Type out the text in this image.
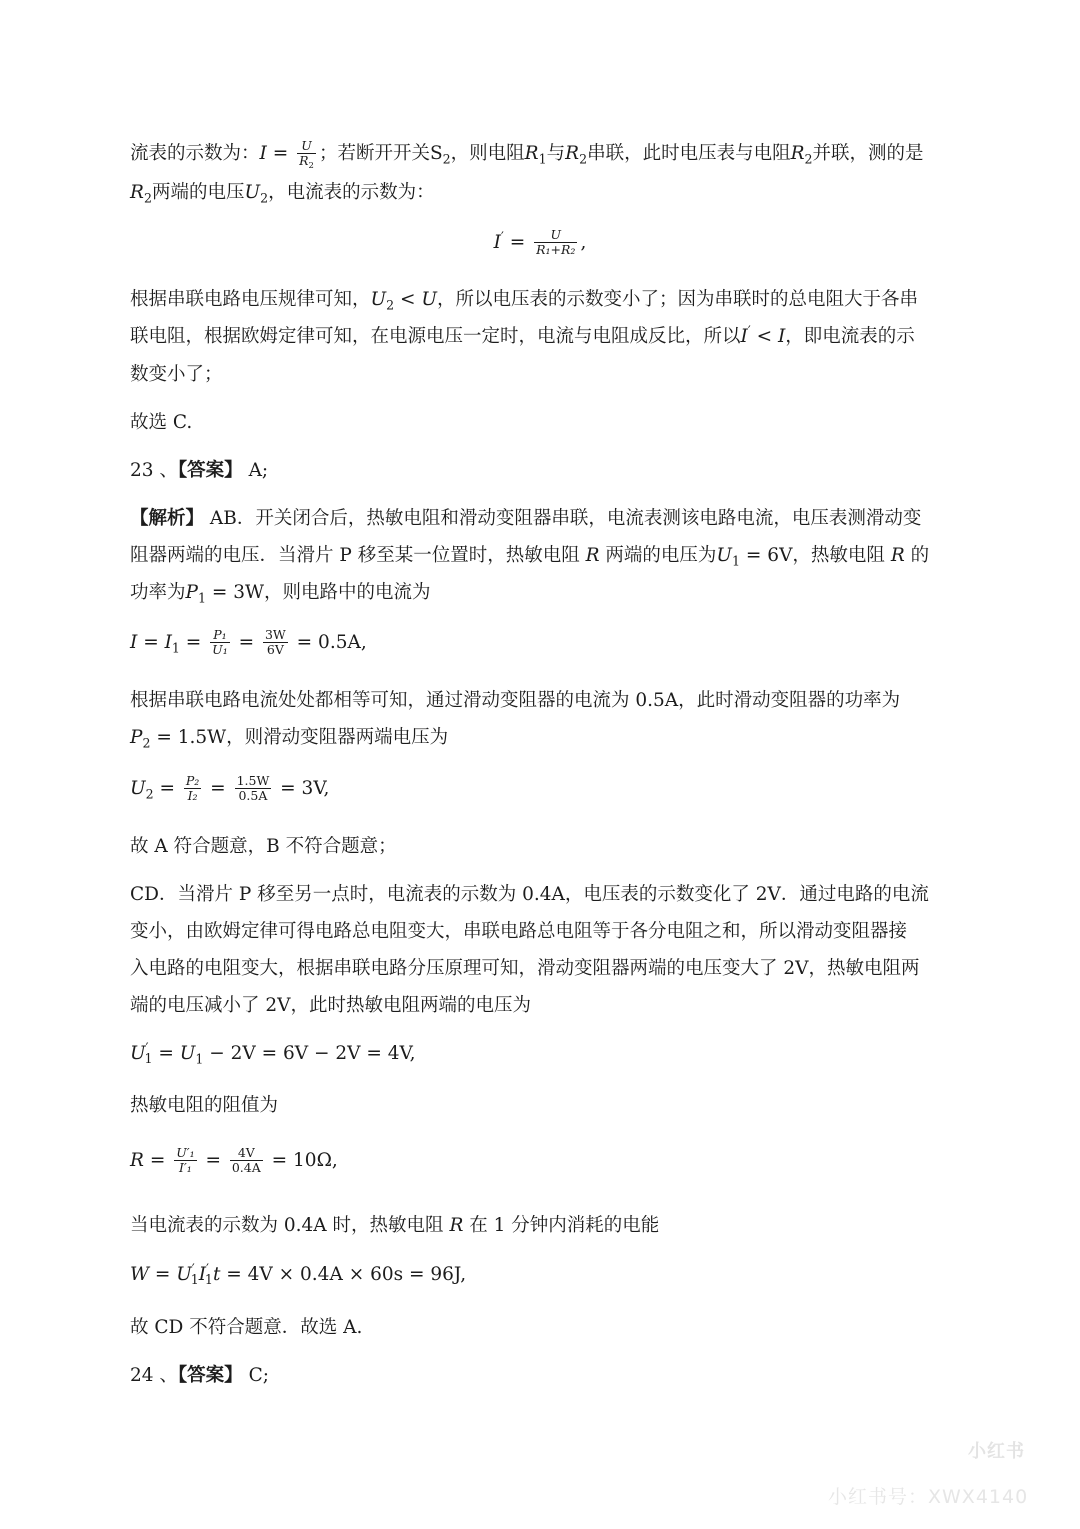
流表的示数为：$I = \frac{U}{R_2}$ ；若断开开关$S_2$，则电阻$R_1$与$R_2$串联，此时电压表与电阻$R_2$并联，测的是
$R_2$两端的电压$U_2$，电流表的示数为：
$I' = \frac{U}{\text{R₁+R₂}}$ ,
根据串联电路电压规律可知，$U_2 < U$，所以电压表的示数变小了；因为串联时的总电阻大于各串
联电阻，根据欧姆定律可知，在电源电压一定时，电流与电阻成反比，所以I′ < I，即电流表的示
数变小了；
故选 C.
23 、【答案】 A;
【解析】 AB．开关闭合后，热敏电阻和滑动变阻器串联，电流表测该电路电流，电压表测滑动变
阻器两端的电压．当滑片 P 移至某一位置时，热敏电阻 R 两端的电压为$U_1 = 6V$，热敏电阻 R 的
功率为$P_1 = 3W$，则电路中的电流为
$I = I_1 = \frac{\text{P₁}}{\text{U₁}} = \frac{3W}{6V} = 0.5A$,
根据串联电路电流处处都相等可知，通过滑动变阻器的电流为 0.5A，此时滑动变阻器的功率为
$P_2 = 1.5W$，则滑动变阻器两端电压为
$U_2 = \frac{\text{P₂}}{\text{I₂}} = \frac{1.5W}{0.5A} = 3V$,
故 A 符合题意，B 不符合题意；
CD．当滑片 P 移至另一点时，电流表的示数为 0.4A，电压表的示数变化了 2V．通过电路的电流
变小，由欧姆定律可得电路总电阻变大，串联电路总电阻等于各分电阻之和，所以滑动变阻器接
入电路的电阻变大，根据串联电路分压原理可知，滑动变阻器两端的电压变大了 2V，热敏电阻两
端的电压减小了 2V，此时热敏电阻两端的电压为
$U'_1 = U_1 - 2V = 6V - 2V = 4V$,
热敏电阻的阻值为
$R = \frac{\text{U′₁}}{\text{I′₁}} = \frac{4V}{0.4A} = 10\Omega$,
当电流表的示数为 0.4A 时，热敏电阻 R 在 1 分钟内消耗的电能
$W = U'_1I'_1t = 4V \times 0.4A \times 60s = 96J$,
故 CD 不符合题意．故选 A.
24 、【答案】 C;
小红书
小红书号：XWX4140
